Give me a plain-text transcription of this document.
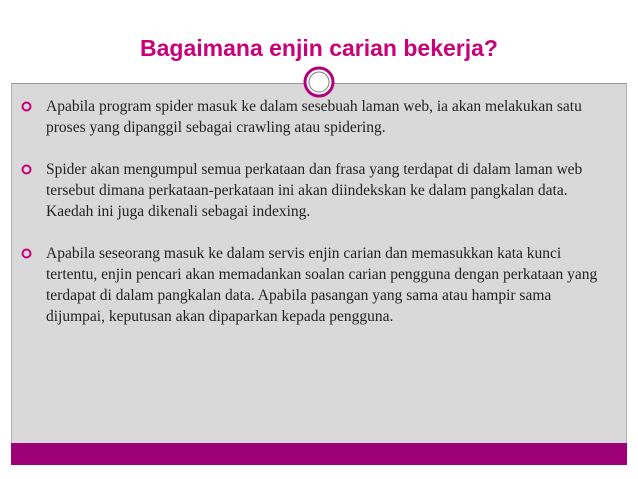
Bagaimana enjin carian bekerja?
Apabila program spider masuk ke dalam sesebuah laman web, ia akan melakukan satu proses yang dipanggil sebagai crawling atau spidering.
Spider akan mengumpul semua perkataan dan frasa yang terdapat di dalam laman web tersebut dimana perkataan-perkataan ini akan diindekskan ke dalam pangkalan data. Kaedah ini juga dikenali sebagai indexing.
Apabila seseorang masuk ke dalam servis enjin carian dan memasukkan kata kunci tertentu, enjin pencari akan memadankan soalan carian pengguna dengan perkataan yang terdapat di dalam pangkalan data. Apabila pasangan yang sama atau hampir sama dijumpai, keputusan akan dipaparkan kepada pengguna.
